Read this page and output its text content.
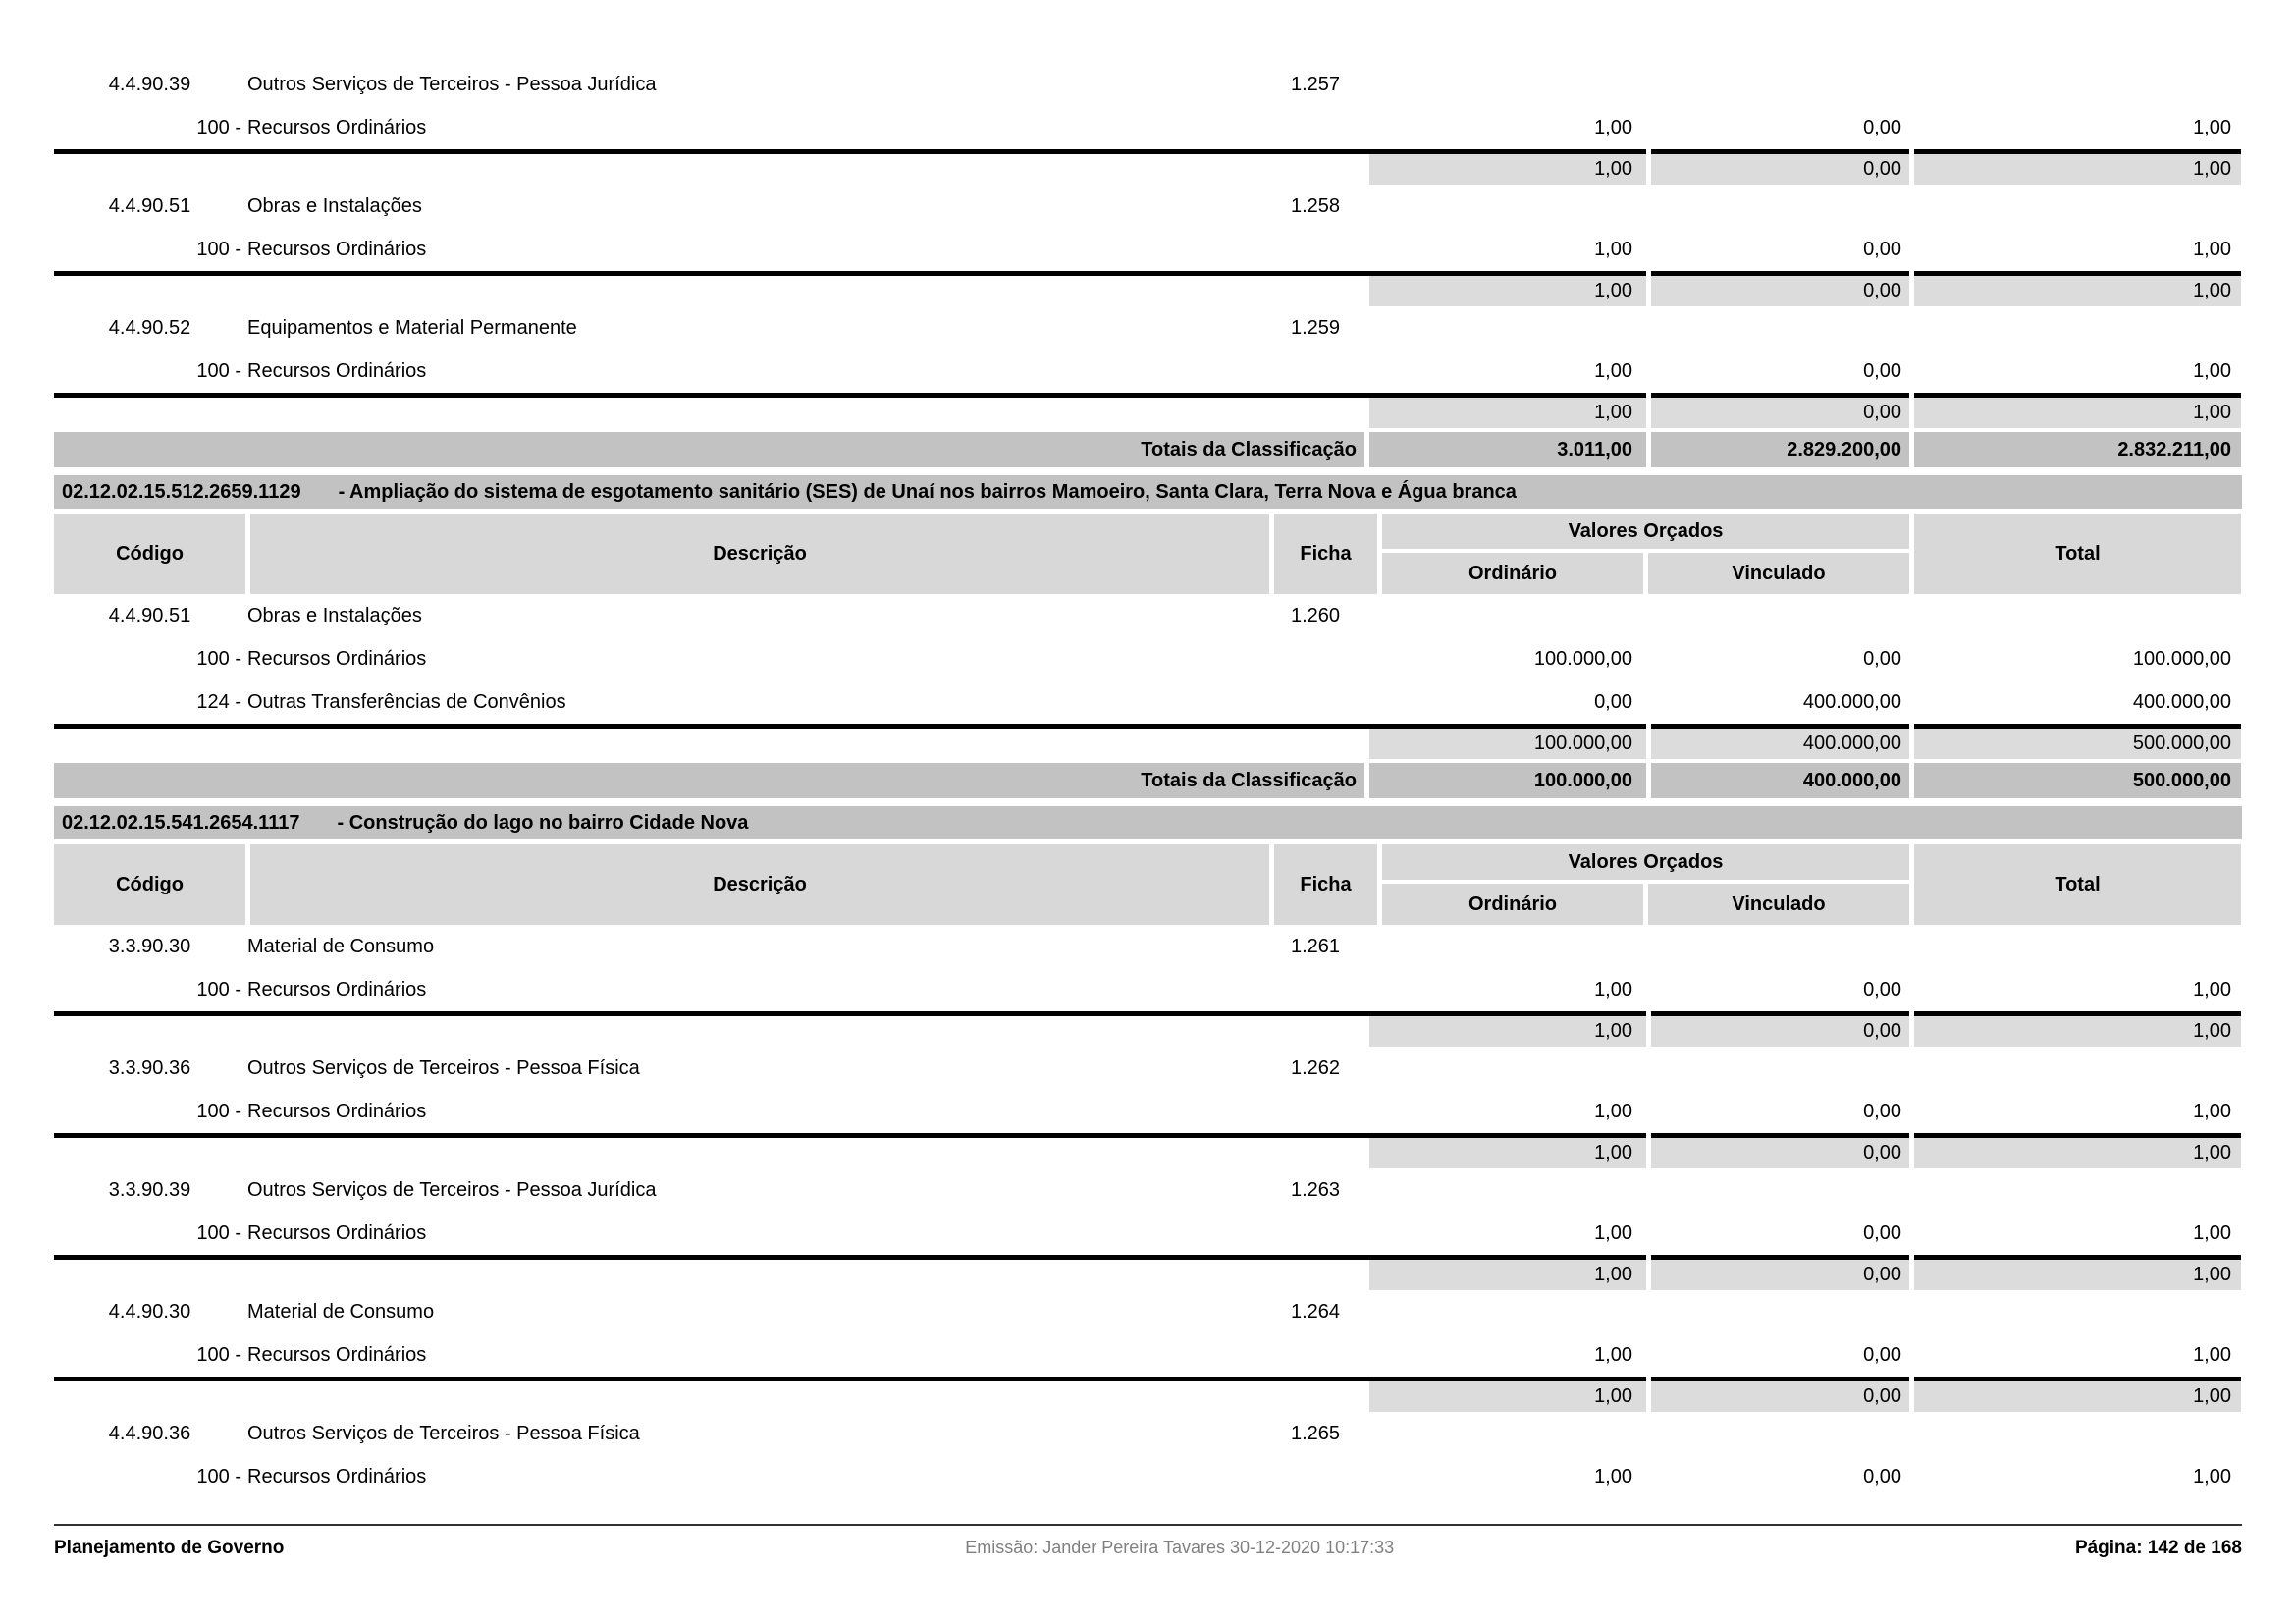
4.4.90.39	Outros Serviços de Terceiros - Pessoa Jurídica	1.257
100 - Recursos Ordinários	1,00	0,00	1,00
1,00	0,00	1,00
4.4.90.51	Obras e Instalações	1.258
100 - Recursos Ordinários	1,00	0,00	1,00
1,00	0,00	1,00
4.4.90.52	Equipamentos e Material Permanente	1.259
100 - Recursos Ordinários	1,00	0,00	1,00
1,00	0,00	1,00
Totais da Classificação	3.011,00	2.829.200,00	2.832.211,00
02.12.02.15.512.2659.1129 - Ampliação do sistema de esgotamento sanitário (SES) de Unaí nos bairros Mamoeiro, Santa Clara, Terra Nova e Água branca
Código	Descrição	Ficha
Valores Orçados
Ordinário	Vinculado
Total
4.4.90.51	Obras e Instalações	1.260
100 - Recursos Ordinários	100.000,00	0,00	100.000,00
124 - Outras Transferências de Convênios	0,00	400.000,00	400.000,00
100.000,00	400.000,00	500.000,00
Totais da Classificação	100.000,00	400.000,00	500.000,00
02.12.02.15.541.2654.1117 - Construção do lago no bairro Cidade Nova
Código	Descrição	Ficha
Valores Orçados
Ordinário	Vinculado
Total
3.3.90.30	Material de Consumo	1.261
100 - Recursos Ordinários	1,00	0,00	1,00
1,00	0,00	1,00
3.3.90.36	Outros Serviços de Terceiros - Pessoa Física	1.262
100 - Recursos Ordinários	1,00	0,00	1,00
1,00	0,00	1,00
3.3.90.39	Outros Serviços de Terceiros - Pessoa Jurídica	1.263
100 - Recursos Ordinários	1,00	0,00	1,00
1,00	0,00	1,00
4.4.90.30	Material de Consumo	1.264
100 - Recursos Ordinários	1,00	0,00	1,00
1,00	0,00	1,00
4.4.90.36	Outros Serviços de Terceiros - Pessoa Física	1.265
100 - Recursos Ordinários	1,00	0,00	1,00
Planejamento de Governo	Emissão: Jander Pereira Tavares 30-12-2020 10:17:33	Página: 142 de 168
